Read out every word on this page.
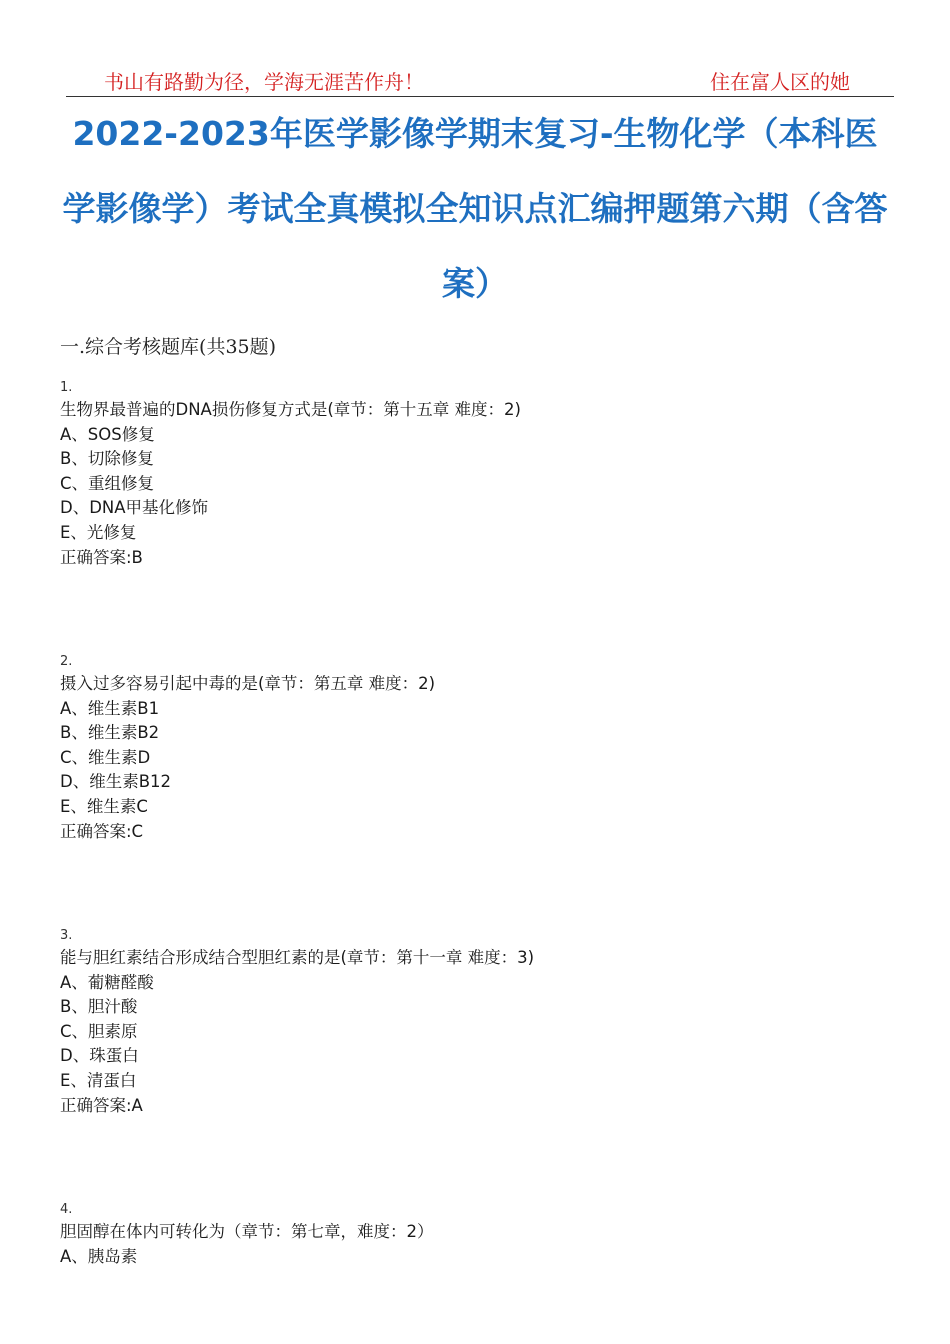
书山有路勤为径，学海无涯苦作舟！	住在富人区的她
2022-2023年医学影像学期末复习-生物化学（本科医学影像学）考试全真模拟全知识点汇编押题第六期（含答案）
一.综合考核题库(共35题)
1.
生物界最普遍的DNA损伤修复方式是(章节：第十五章 难度：2)
A、SOS修复
B、切除修复
C、重组修复
D、DNA甲基化修饰
E、光修复
正确答案:B
2.
摄入过多容易引起中毒的是(章节：第五章 难度：2)
A、维生素B1
B、维生素B2
C、维生素D
D、维生素B12
E、维生素C
正确答案:C
3.
能与胆红素结合形成结合型胆红素的是(章节：第十一章 难度：3)
A、葡糖醛酸
B、胆汁酸
C、胆素原
D、珠蛋白
E、清蛋白
正确答案:A
4.
胆固醇在体内可转化为（章节：第七章，难度：2）
A、胰岛素
